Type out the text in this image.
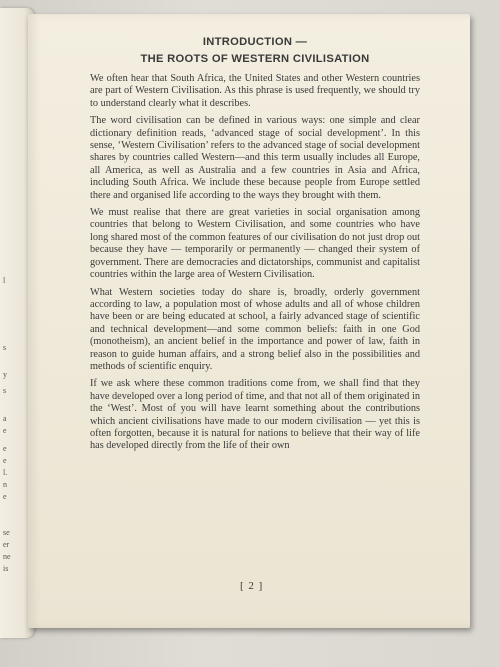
l
s
y
s
a
e
e
e
l.
n
e
se
er
ne
is
INTRODUCTION —
THE ROOTS OF WESTERN CIVILISATION

We often hear that South Africa, the United States and other Western countries are part of Western Civilisation. As this phrase is used frequently, we should try to understand clearly what it describes.

The word civilisation can be defined in various ways: one simple and clear dictionary definition reads, ‘advanced stage of social development’. In this sense, ‘Western Civilisation’ refers to the advanced stage of social development shares by countries called Western—and this term usually includes all Europe, all America, as well as Australia and a few countries in Asia and Africa, including South Africa. We include these because people from Europe settled there and organised life according to the ways they brought with them.

We must realise that there are great varieties in social organisation among countries that belong to Western Civilisation, and some countries who have long shared most of the common features of our civilisation do not just drop out because they have — temporarily or permanently — changed their system of government. There are democracies and dictatorships, communist and capitalist countries within the large area of Western Civilisation.

What Western societies today do share is, broadly, orderly government according to law, a population most of whose adults and all of whose children have been or are being educated at school, a fairly advanced stage of scientific and technical development—and some common beliefs: faith in one God (monotheism), an ancient belief in the importance and power of law, faith in reason to guide human affairs, and a strong belief also in the possibilities and methods of scientific enquiry.

If we ask where these common traditions come from, we shall find that they have developed over a long period of time, and that not all of them originated in the ‘West’. Most of you will have learnt something about the contributions which ancient civilisations have made to our modern civilisation — yet this is often forgotten, because it is natural for nations to believe that their way of life has developed directly from the life of their own

[ 2 ]
